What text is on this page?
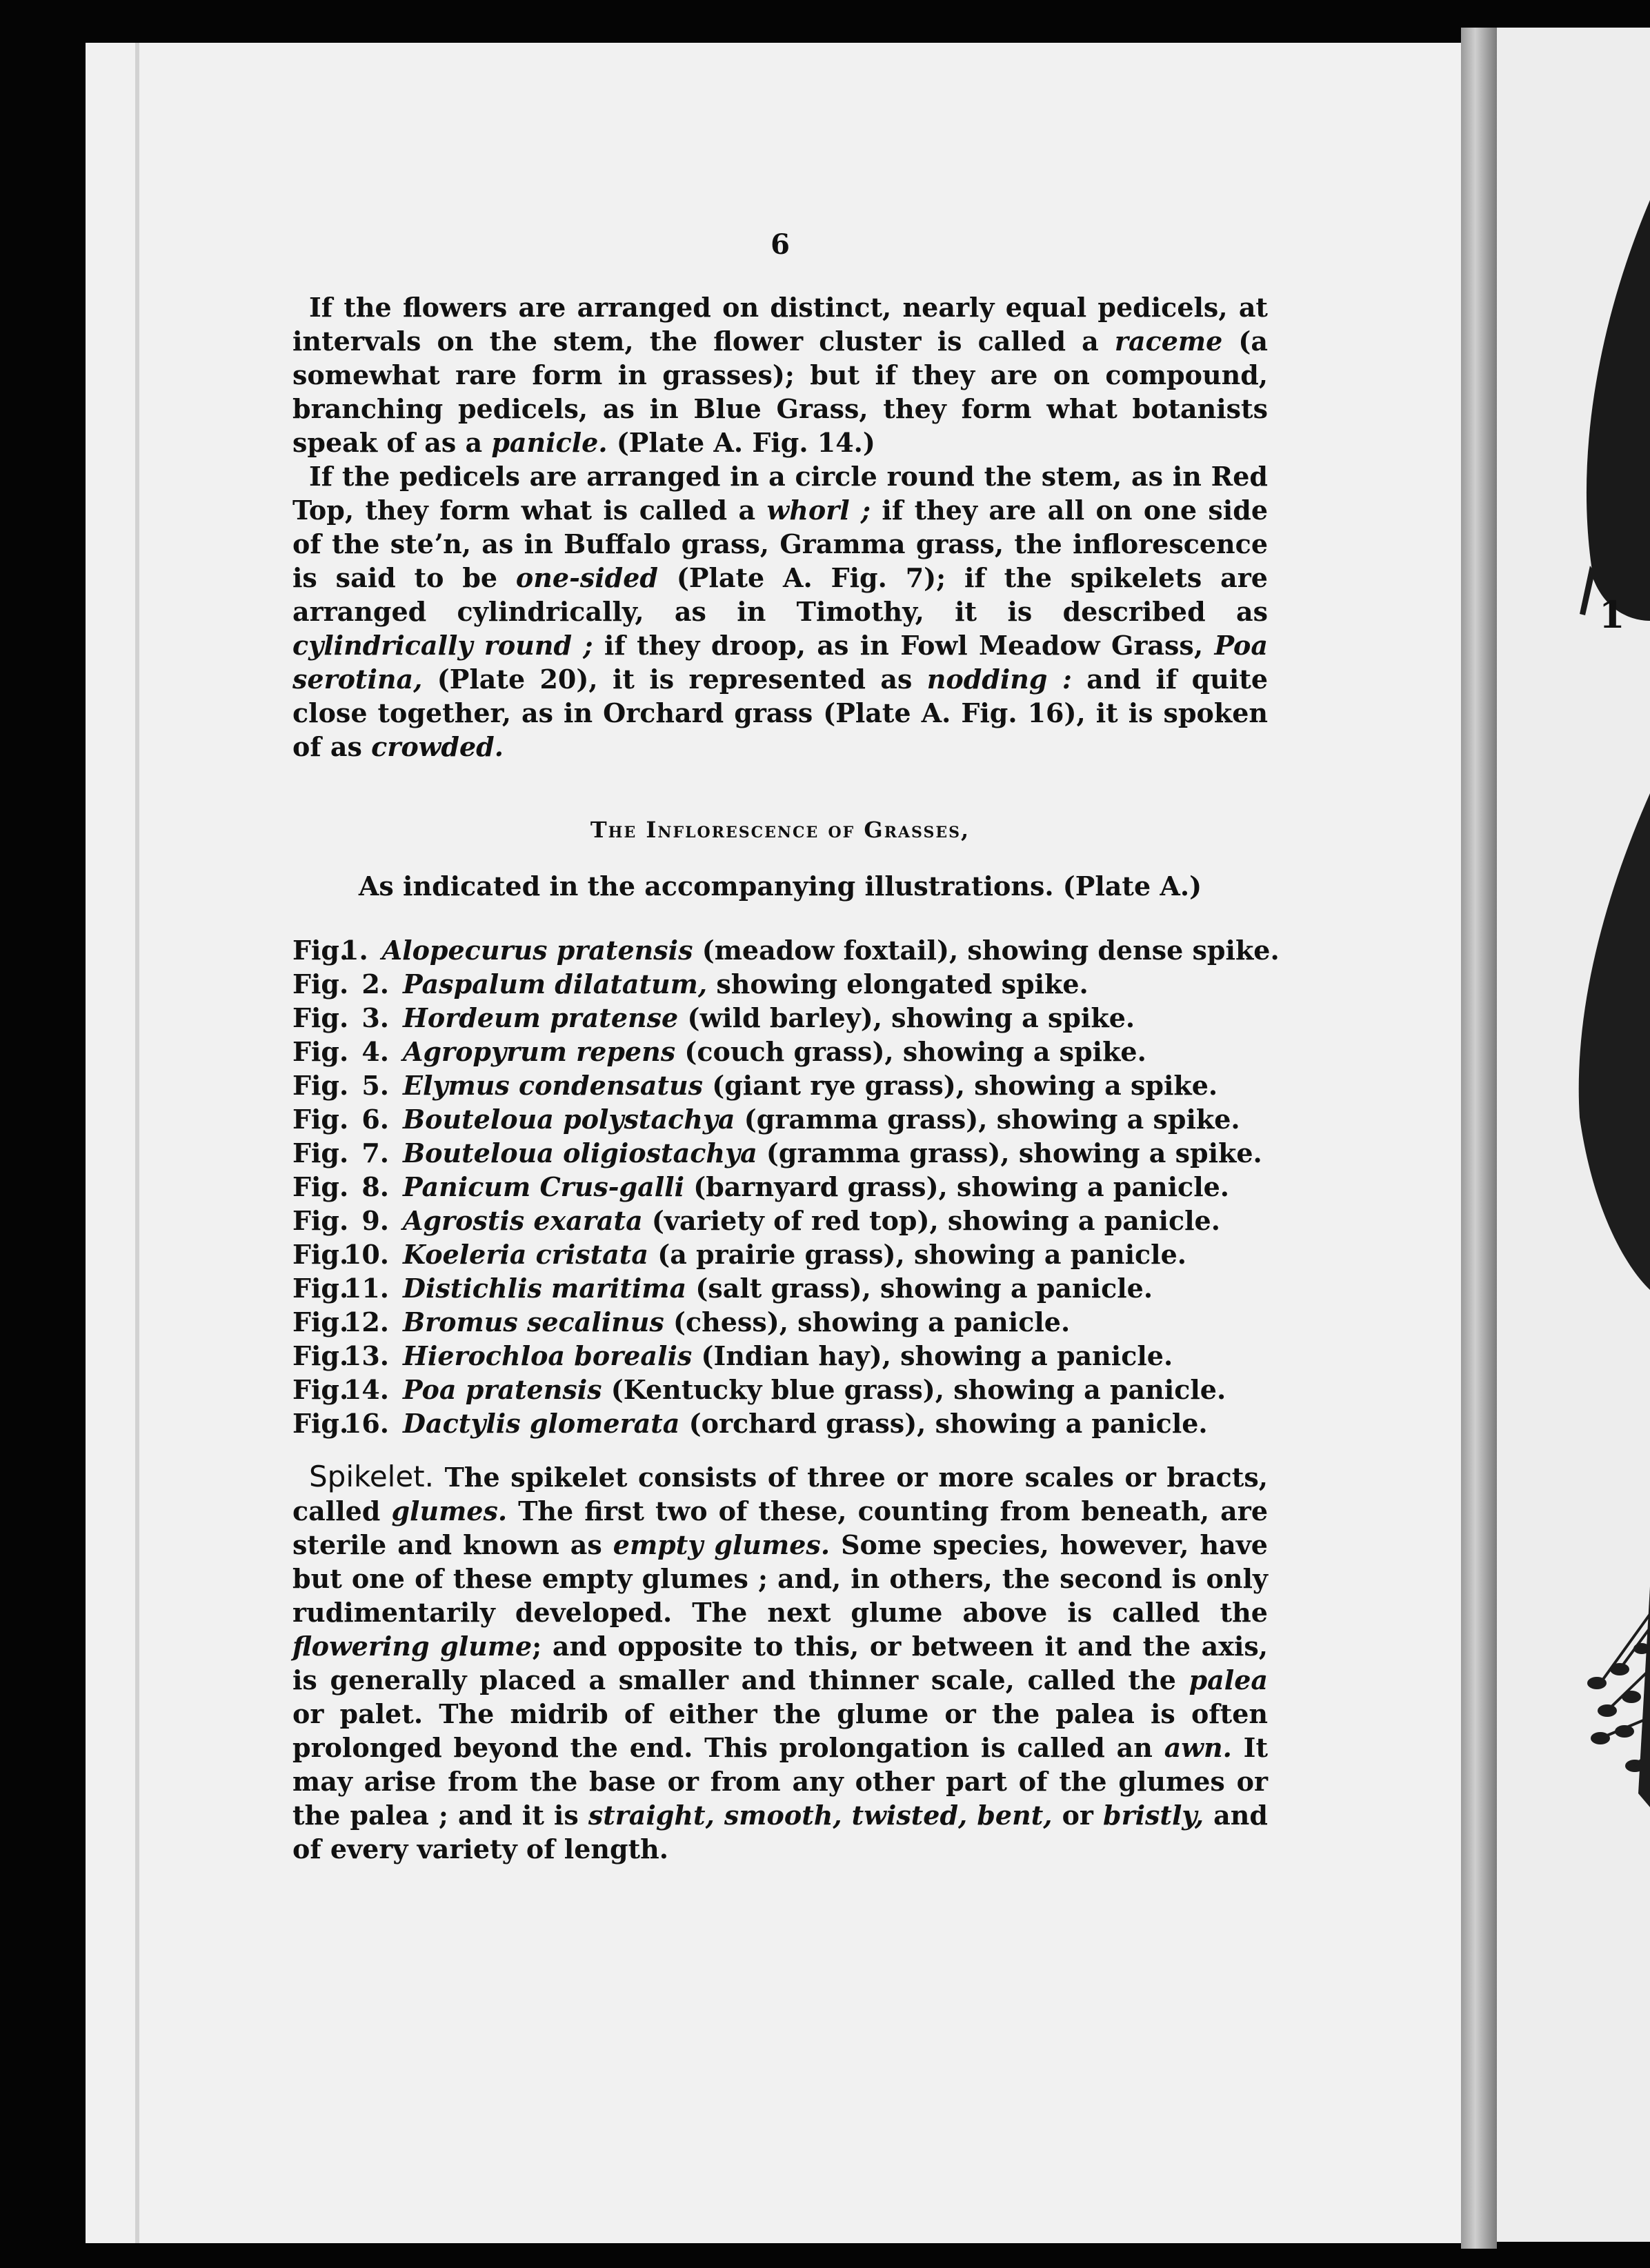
1
6

If the flowers are arranged on distinct, nearly equal pedicels, at intervals on the stem, the flower cluster is called a raceme (a somewhat rare form in grasses); but if they are on compound, branching pedicels, as in Blue Grass, they form what botanists speak of as a panicle. (Plate A. Fig. 14.)

If the pedicels are arranged in a circle round the stem, as in Red Top, they form what is called a whorl ; if they are all on one side of the steʼn, as in Buffalo grass, Gramma grass, the inflorescence is said to be one-sided (Plate A. Fig. 7); if the spikelets are arranged cylindrically, as in Timothy, it is described as cylindrically round ; if they droop, as in Fowl Meadow Grass, Poa serotina, (Plate 20), it is represented as nodding : and if quite close together, as in Orchard grass (Plate A. Fig. 16), it is spoken of as crowded.

The Inflorescence of Grasses,
As indicated in the accompanying illustrations. (Plate A.)
Fig.
1. Alopecurus pratensis (meadow foxtail), showing dense spike.
Fig. 2. Paspalum dilatatum, showing elongated spike.
Fig. 3. Hordeum pratense (wild barley), showing a spike.
Fig. 4. Agropyrum repens (couch grass), showing a spike.
Fig. 5. Elymus condensatus (giant rye grass), showing a spike.
Fig. 6. Bouteloua polystachya (gramma grass), showing a spike.
Fig. 7. Bouteloua oligiostachya (gramma grass), showing a spike.
Fig. 8. Panicum Crus-galli (barnyard grass), showing a panicle.
Fig. 9. Agrostis exarata (variety of red top), showing a panicle.
Fig.
10. Koeleria cristata (a prairie grass), showing a panicle.
Fig.
11. Distichlis maritima (salt grass), showing a panicle.
Fig.
12. Bromus secalinus (chess), showing a panicle.
Fig.
13. Hierochloa borealis (Indian hay), showing a panicle.
Fig.
14. Poa pratensis (Kentucky blue grass), showing a panicle.
Fig.
16. Dactylis glomerata (orchard grass), showing a panicle.

Spikelet. The spikelet consists of three or more scales or bracts, called glumes. The first two of these, counting from beneath, are sterile and known as empty glumes. Some species, however, have but one of these empty glumes ; and, in others, the second is only rudimentarily developed. The next glume above is called the flowering glume; and opposite to this, or between it and the axis, is generally placed a smaller and thinner scale, called the palea or palet. The midrib of either the glume or the palea is often prolonged beyond the end. This prolongation is called an awn. It may arise from the base or from any other part of the glumes or the palea ; and it is straight, smooth, twisted, bent, or bristly, and of every variety of length.
